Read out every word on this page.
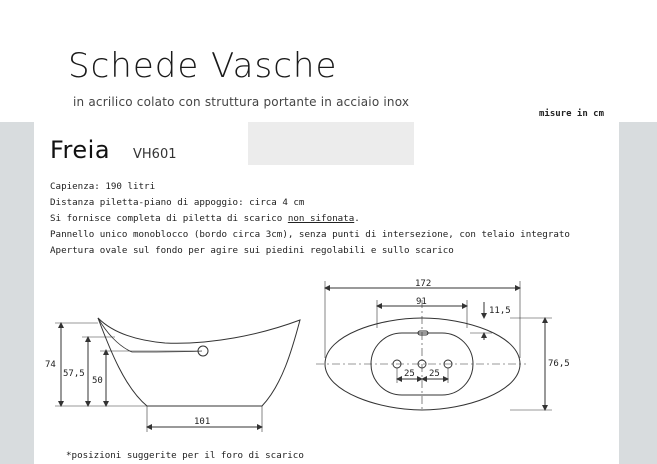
Schede Vasche
in acrilico colato con struttura portante in acciaio inox
misure in cm
Freia VH601
Capienza: 190 litri
Distanza piletta-piano di appoggio: circa 4 cm
Si fornisce completa di piletta di scarico non sifonata.
Pannello unico monoblocco (bordo circa 3cm), senza punti di intersezione, con telaio integrato
Apertura ovale sul fondo per agire sui piedini regolabili e sullo scarico
74
57,5
50
101
172
91
11,5
76,5
25 25
*posizioni suggerite per il foro di scarico
